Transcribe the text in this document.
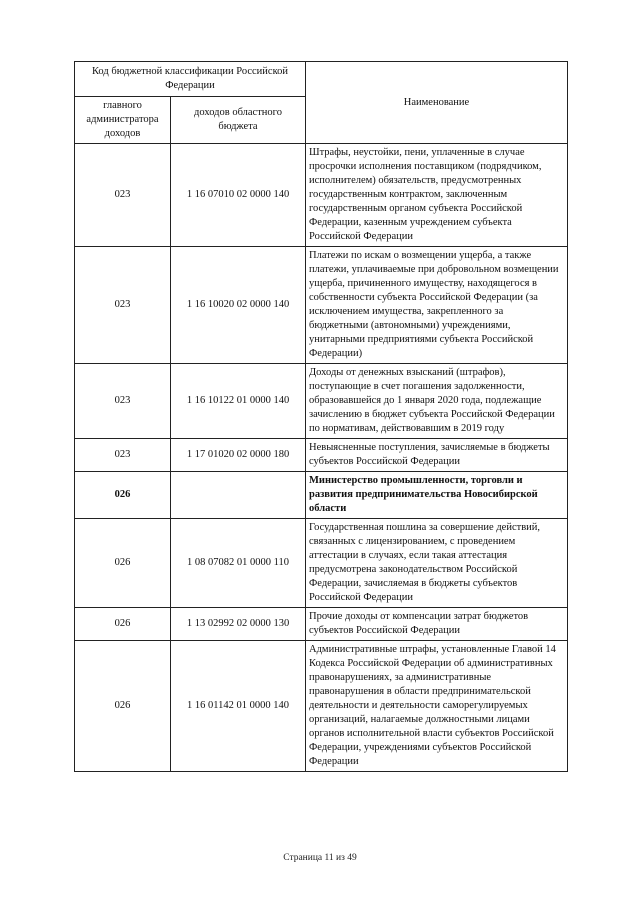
Код бюджетной классификации Российской Федерации		Наименование
главного администратора доходов	доходов областного бюджета	
023	1 16 07010 02 0000 140	Штрафы, неустойки, пени, уплаченные в случае просрочки исполнения поставщиком (подрядчиком, исполнителем) обязательств, предусмотренных государственным контрактом, заключенным государственным органом субъекта Российской Федерации, казенным учреждением субъекта Российской Федерации
023	1 16 10020 02 0000 140	Платежи по искам о возмещении ущерба, а также платежи, уплачиваемые при добровольном возмещении ущерба, причиненного имуществу, находящегося в собственности субъекта Российской Федерации (за исключением имущества, закрепленного за бюджетными (автономными) учреждениями, унитарными предприятиями субъекта Российской Федерации)
023	1 16 10122 01 0000 140	Доходы от денежных взысканий (штрафов), поступающие в счет погашения задолженности, образовавшейся до 1 января 2020 года, подлежащие зачислению в бюджет субъекта Российской Федерации по нормативам, действовавшим в 2019 году
023	1 17 01020 02 0000 180	Невыясненные поступления, зачисляемые в бюджеты субъектов Российской Федерации
026		Министерство промышленности, торговли и развития предпринимательства Новосибирской области
026	1 08 07082 01 0000 110	Государственная пошлина за совершение действий, связанных с лицензированием, с проведением аттестации в случаях, если такая аттестация предусмотрена законодательством Российской Федерации, зачисляемая в бюджеты субъектов Российской Федерации
026	1 13 02992 02 0000 130	Прочие доходы от компенсации затрат бюджетов субъектов Российской Федерации
026	1 16 01142 01 0000 140	Административные штрафы, установленные Главой 14 Кодекса Российской Федерации об административных правонарушениях, за административные правонарушения в области предпринимательской деятельности и деятельности саморегулируемых организаций, налагаемые должностными лицами органов исполнительной власти субъектов Российской Федерации, учреждениями субъектов Российской Федерации
Страница 11 из 49
